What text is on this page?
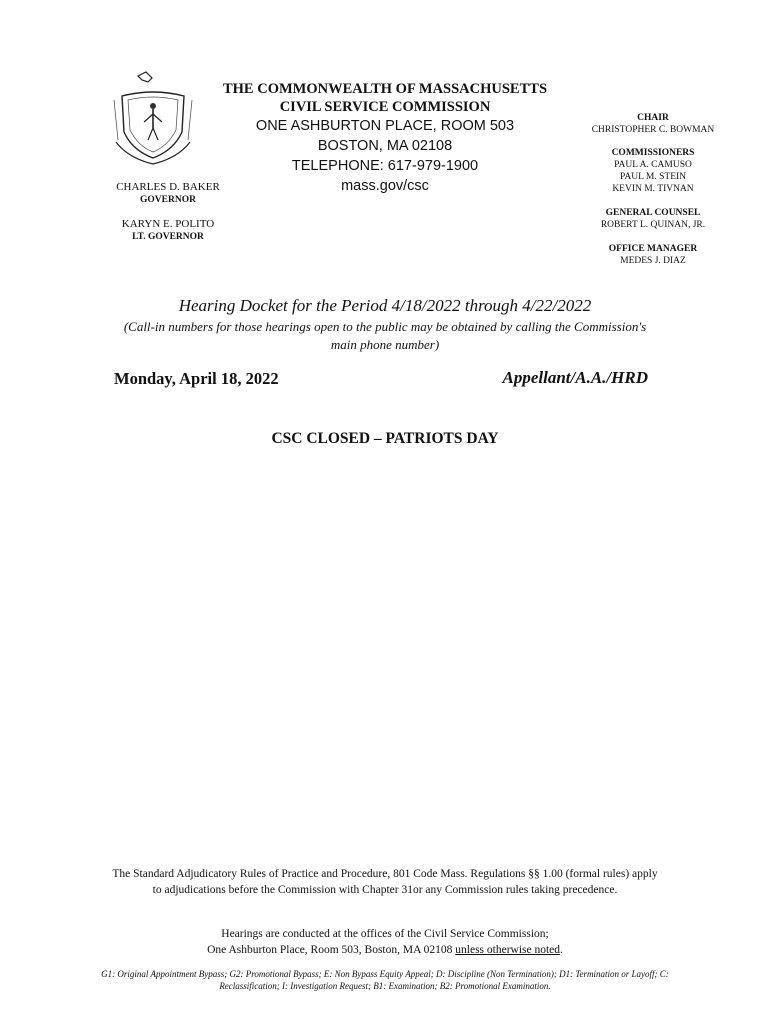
THE COMMONWEALTH OF MASSACHUSETTS
CIVIL SERVICE COMMISSION
ONE ASHBURTON PLACE, ROOM 503
BOSTON, MA 02108
TELEPHONE: 617-979-1900
mass.gov/csc
CHARLES D. BAKER
GOVERNOR
KARYN E. POLITO
LT. GOVERNOR
CHAIR
CHRISTOPHER C. BOWMAN
COMMISSIONERS
PAUL A. CAMUSO
PAUL M. STEIN
KEVIN M. TIVNAN
GENERAL COUNSEL
ROBERT L. QUINAN, JR.
OFFICE MANAGER
MEDES J. DIAZ
Hearing Docket for the Period 4/18/2022 through 4/22/2022
(Call-in numbers for those hearings open to the public may be obtained by calling the Commission's main phone number)
Monday, April 18, 2022	Appellant/A.A./HRD
CSC CLOSED – PATRIOTS DAY
The Standard Adjudicatory Rules of Practice and Procedure, 801 Code Mass. Regulations §§ 1.00 (formal rules) apply to adjudications before the Commission with Chapter 31or any Commission rules taking precedence.
Hearings are conducted at the offices of the Civil Service Commission;
One Ashburton Place, Room 503, Boston, MA 02108 unless otherwise noted.
G1: Original Appointment Bypass; G2: Promotional Bypass; E: Non Bypass Equity Appeal; D: Discipline (Non Termination); D1: Termination or Layoff; C: Reclassification; I: Investigation Request; B1: Examination; B2: Promotional Examination.
